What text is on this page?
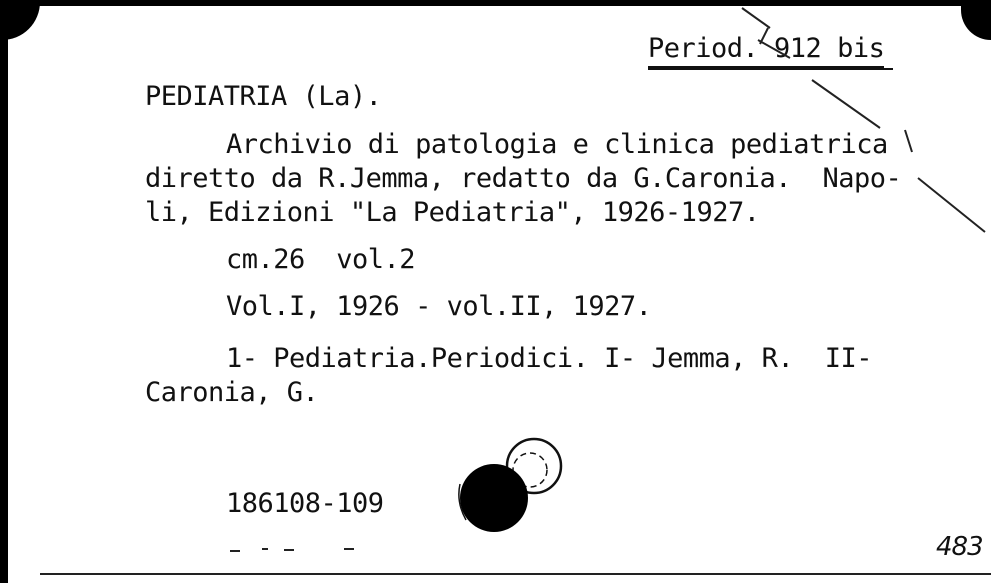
Period. 912 bis
PEDIATRIA (La).
Archivio di patologia e clinica pediatrica
diretto da R.Jemma, redatto da G.Caronia.  Napo-
li, Edizioni "La Pediatria", 1926-1927.
cm.26  vol.2
Vol.I, 1926 - vol.II, 1927.
1- Pediatria.Periodici. I- Jemma, R.  II-
Caronia, G.
186108-109
483
